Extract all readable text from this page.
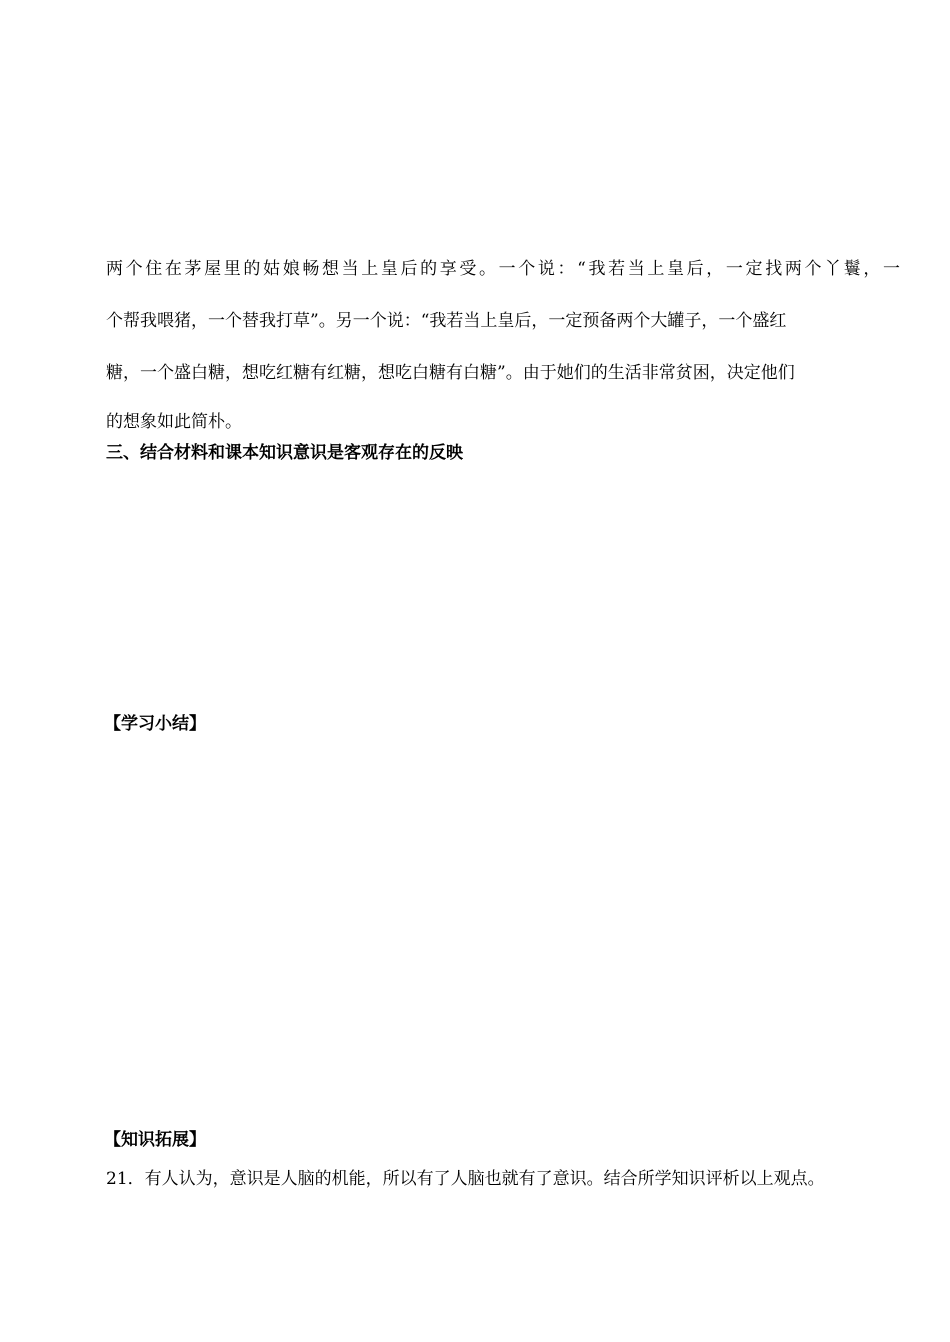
两个住在茅屋里的姑娘畅想当上皇后的享受。一个说：“我若当上皇后，一定找两个丫鬟，一
个帮我喂猪，一个替我打草”。另一个说：“我若当上皇后，一定预备两个大罐子，一个盛红
糖，一个盛白糖，想吃红糖有红糖，想吃白糖有白糖”。由于她们的生活非常贫困，决定他们
的想象如此简朴。
三、结合材料和课本知识意识是客观存在的反映
【学习小结】
【知识拓展】
21．有人认为，意识是人脑的机能，所以有了人脑也就有了意识。结合所学知识评析以上观点。
